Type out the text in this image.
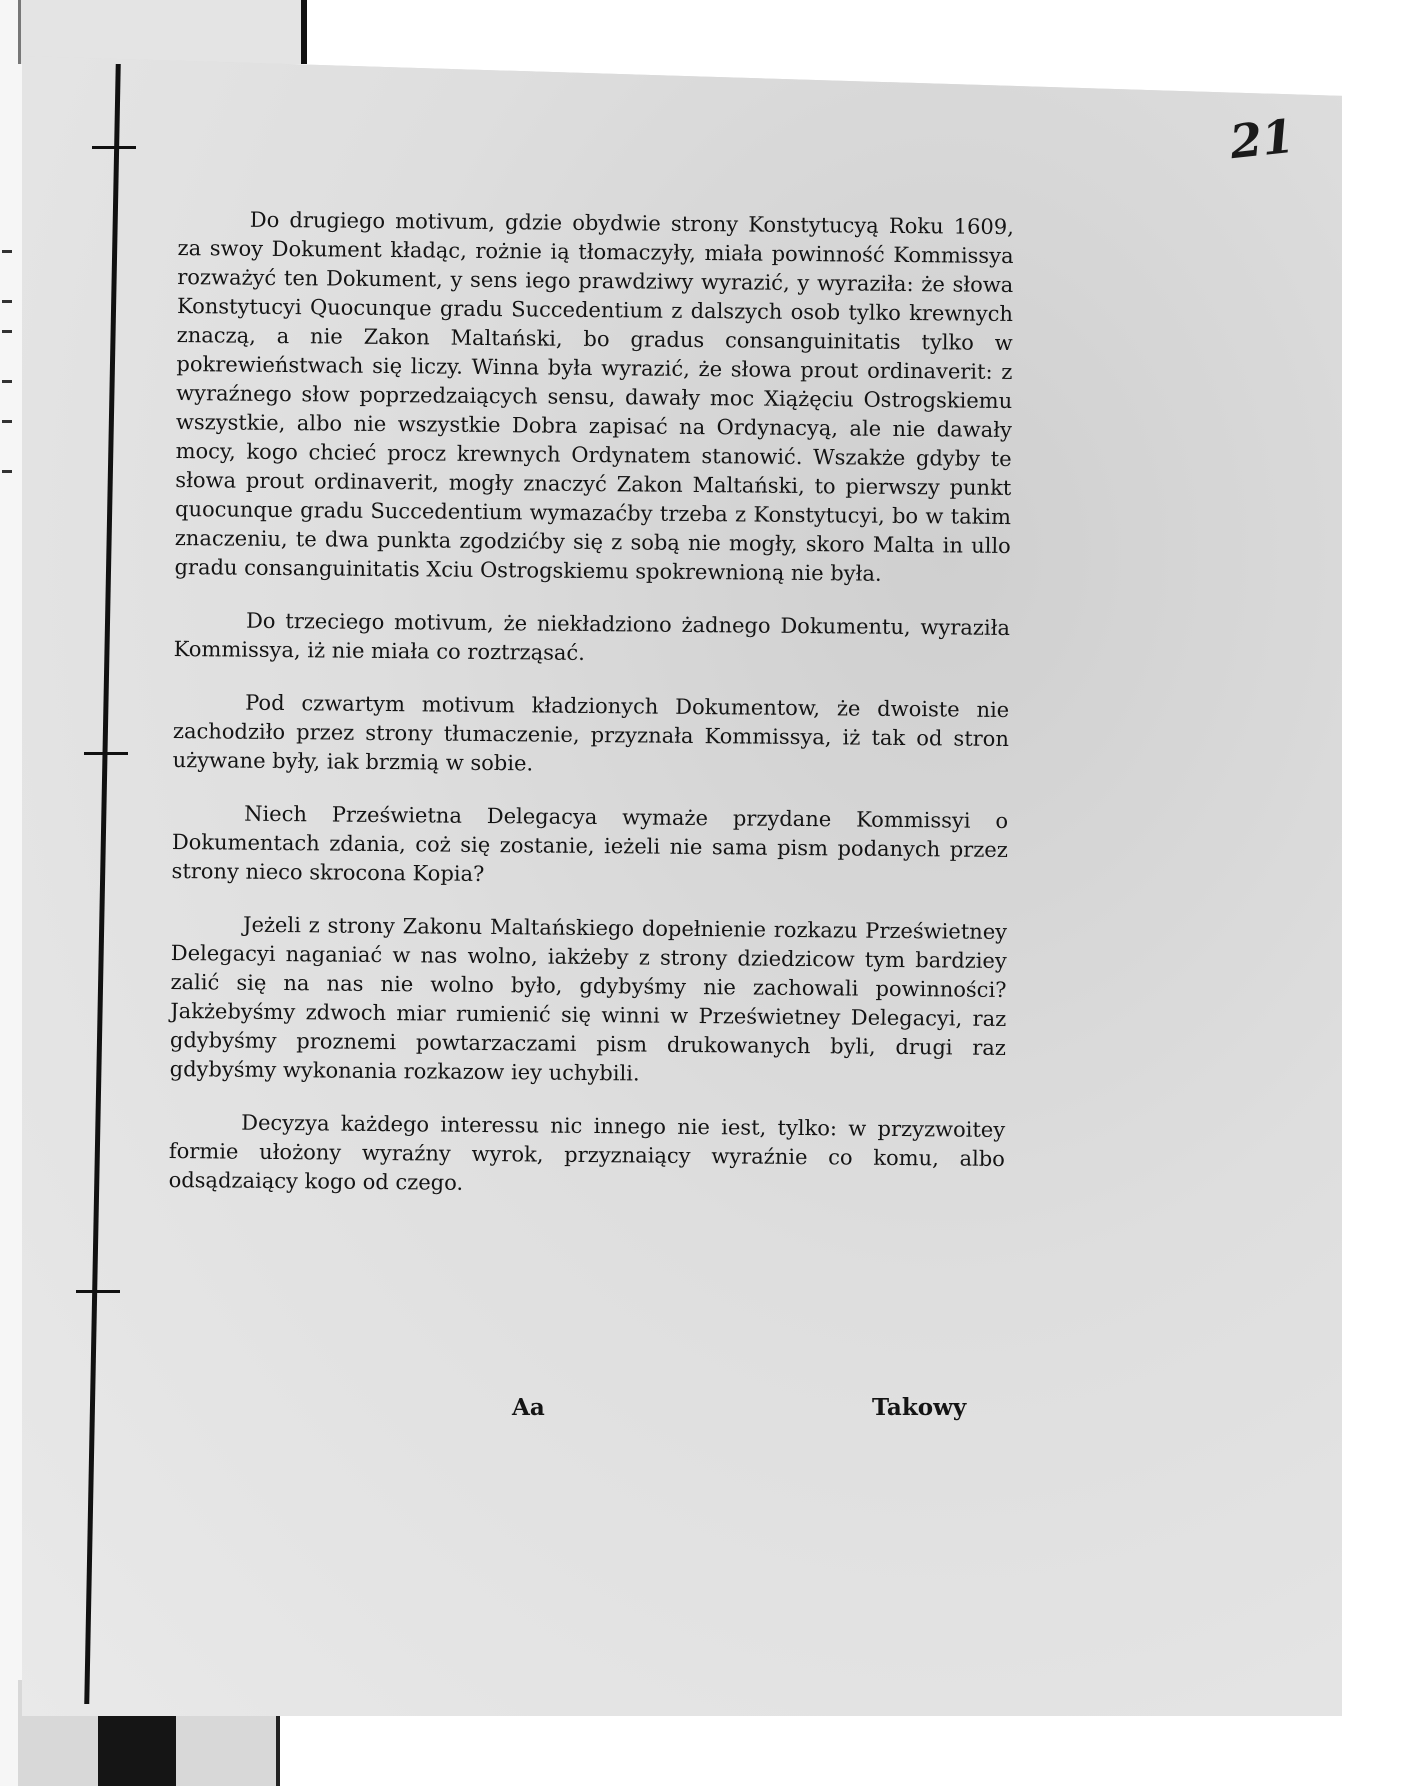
21

Do drugiego motivum, gdzie obydwie strony Konstytucyą Roku 1609, za swoy Dokument kładąc, rożnie ią tłomaczyły, miała powinność Kommissya rozważyć ten Dokument, y sens iego prawdziwy wyrazić, y wyraziła: że słowa Konstytucyi Quocunque gradu Succedentium z dalszych osob tylko krewnych znaczą, a nie Zakon Maltański, bo gradus consanguinitatis tylko w pokrewieństwach się liczy. Winna była wyrazić, że słowa prout ordinaverit: z wyraźnego słow poprzedzaiących sensu, dawały moc Xiążęciu Ostrogskiemu wszystkie, albo nie wszystkie Dobra zapisać na Ordynacyą, ale nie dawały mocy, kogo chcieć procz krewnych Ordynatem stanowić. Wszakże gdyby te słowa prout ordinaverit, mogły znaczyć Zakon Maltański, to pierwszy punkt quocunque gradu Succedentium wymazaćby trzeba z Konstytucyi, bo w takim znaczeniu, te dwa punkta zgodzićby się z sobą nie mogły, skoro Malta in ullo gradu consanguinitatis Xciu Ostrogskiemu spokrewnioną nie była.

Do trzeciego motivum, że niekładziono żadnego Dokumentu, wyraziła Kommissya, iż nie miała co roztrząsać.

Pod czwartym motivum kładzionych Dokumentow, że dwoiste nie zachodziło przez strony tłumaczenie, przyznała Kommissya, iż tak od stron używane były, iak brzmią w sobie.

Niech Prześwietna Delegacya wymaże przydane Kommissyi o Dokumentach zdania, coż się zostanie, ieżeli nie sama pism podanych przez strony nieco skrocona Kopia?

Jeżeli z strony Zakonu Maltańskiego dopełnienie rozkazu Prześwietney Delegacyi naganiać w nas wolno, iakżeby z strony dziedzicow tym bardziey zalić się na nas nie wolno było, gdybyśmy nie zachowali powinności? Jakżebyśmy zdwoch miar rumienić się winni w Prześwietney Delegacyi, raz gdybyśmy proznemi powtarzaczami pism drukowanych byli, drugi raz gdybyśmy wykonania rozkazow iey uchybili.

Decyzya każdego interessu nic innego nie iest, tylko: w przyzwoitey formie ułożony wyraźny wyrok, przyznaiący wyraźnie co komu, albo odsądzaiący kogo od czego.

Aa	Takowy
